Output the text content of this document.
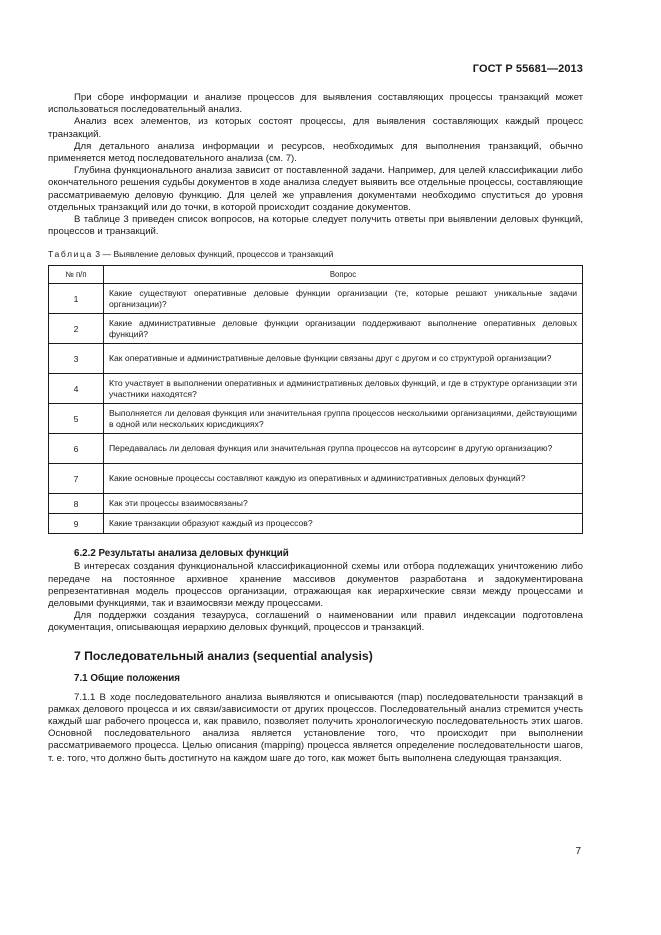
ГОСТ Р 55681—2013

При сборе информации и анализе процессов для выявления составляющих процессы транзакций может использоваться последовательный анализ.

Анализ всех элементов, из которых состоят процессы, для выявления составляющих каждый процесс транзакций.

Для детального анализа информации и ресурсов, необходимых для выполнения транзакций, обычно применяется метод последовательного анализа (см. 7).

Глубина функционального анализа зависит от поставленной задачи. Например, для целей классификации либо окончательного решения судьбы документов в ходе анализа следует выявить все отдельные процессы, составляющие рассматриваемую деловую функцию. Для целей же управления документами необходимо спуститься до уровня отдельных транзакций или до точки, в которой происходит создание документов.

В таблице 3 приведен список вопросов, на которые следует получить ответы при выявлении деловых функций, процессов и транзакций.

Таблица 3 — Выявление деловых функций, процессов и транзакций
№ п/п	Вопрос
1	Какие существуют оперативные деловые функции организации (те, которые решают уникальные задачи организации)?
2	Какие административные деловые функции организации поддерживают выполнение оперативных деловых функций?
3	Как оперативные и административные деловые функции связаны друг с другом и со структурой организации?
4	Кто участвует в выполнении оперативных и административных деловых функций, и где в структуре организации эти участники находятся?
5	Выполняется ли деловая функция или значительная группа процессов несколькими организациями, действующими в одной или нескольких юрисдикциях?
6	Передавалась ли деловая функция или значительная группа процессов на аутсорсинг в другую организацию?
7	Какие основные процессы составляют каждую из оперативных и административных деловых функций?
8	Как эти процессы взаимосвязаны?
9	Какие транзакции образуют каждый из процессов?
6.2.2 Результаты анализа деловых функций

В интересах создания функциональной классификационной схемы или отбора подлежащих уничтожению либо передаче на постоянное архивное хранение массивов документов разработана и задокументирована репрезентативная модель процессов организации, отражающая как иерархические связи между процессами и деловыми функциями, так и взаимосвязи между процессами.

Для поддержки создания тезауруса, соглашений о наименовании или правил индексации подготовлена документация, описывающая иерархию деловых функций, процессов и транзакций.

7 Последовательный анализ (sequential analysis)
7.1 Общие положения

7.1.1 В ходе последовательного анализа выявляются и описываются (map) последовательности транзакций в рамках делового процесса и их связи/зависимости от других процессов. Последовательный анализ стремится учесть каждый шаг рабочего процесса и, как правило, позволяет получить хронологическую последовательность этих шагов. Основной последовательного анализа является установление того, что происходит при выполнении рассматриваемого процесса. Целью описания (mapping) процесса является определение последовательности шагов, т. е. того, что должно быть достигнуто на каждом шаге до того, как может быть выполнена следующая транзакция.

7
